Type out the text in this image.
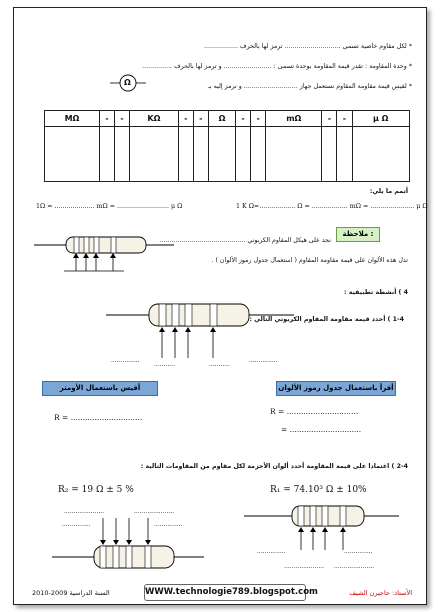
* لكل مقاوم خاصية تسمى ............................ ترمز لها بالحرف .................
* وحدة المقاومة : تقدر قيمة المقاومة بوحدة تسمى : ........................ و ترمز لها بالحرف ...............
* لقيس قيمة مقاومة المقاوم نستعمل جهاز ........................... و نرمز إليه بـ
Ω
MΩ	-	-	KΩ	-	-	Ω	-	-	mΩ	-	-	μ Ω

أتمم ما يلي:
1Ω = .................... mΩ = .......................... μ Ω	1 K Ω=.................. Ω = .................. mΩ = ...................... μ Ω
ملاحظة :
نجد على هيكل المقاوم الكربوني ...........................................
تدل هذه الألوان على قيمة مقاومة المقاوم ( استعمال جدول رموز الألوان ) .
4 ) أنشطة تطبيقية :
1-4 ) أحدد قيمة مقاومة المقاوم الكربوني التالي :
...............
...........	...........
...............
أقيس باستعمال الأومتر	أقرأ باستعمال جدول رموز الألوان
R = ..............................
R = ..............................
= ..............................
2-4 ) اعتمادا على قيمة المقاومة أحدد ألوان الأحزمة لكل مقاوم من المقاومات التالية :
R₂ = 19 Ω ± 5 %	R₁ = 74.10³ Ω ± 10%
.....................	.....................
...............	...............
...............	...............
..................... .....................
الأستاذ: حاجيرن الشيف
WWW.technologie789.blogspot.com
السنة الدراسية 2009-2010
